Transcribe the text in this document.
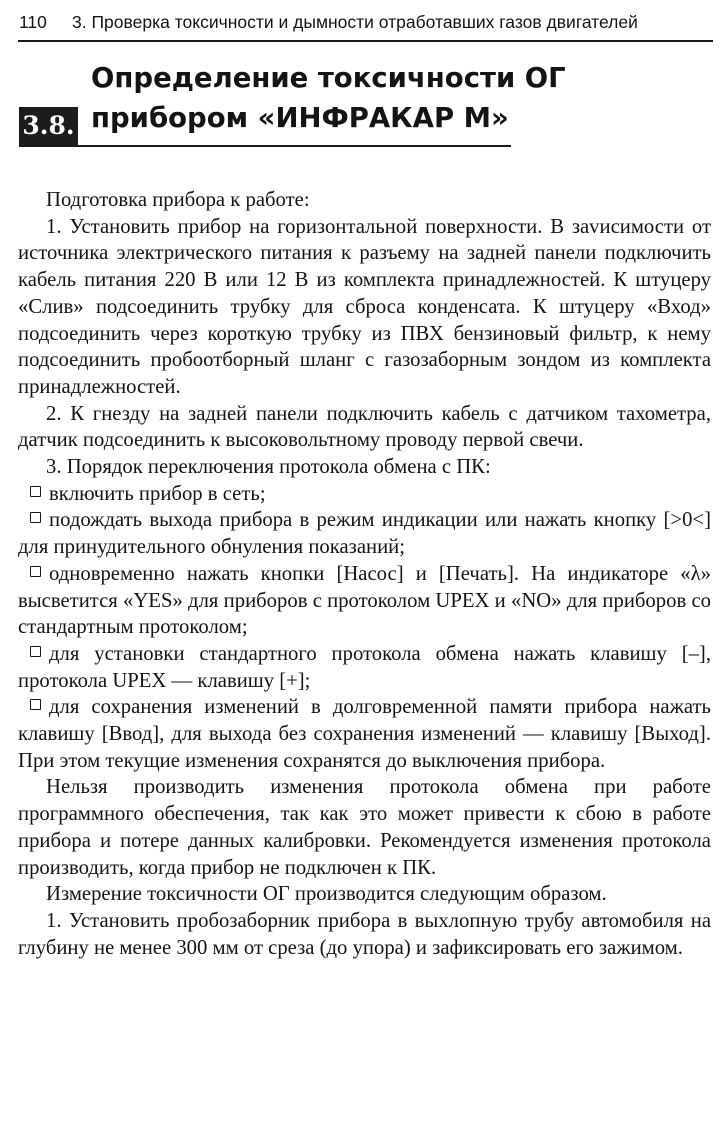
110 3. Проверка токсичности и дымности отработавших газов двигателей
3.8.
Определение токсичности ОГ
прибором «ИНФРАКАР М»

Подготовка прибора к работе:

1. Установить прибор на горизонтальной поверхности. В заvисимости от источника электрического питания к разъему на задней панели подключить кабель питания 220 В или 12 В из комплекта принадлежностей. К штуцеру «Слив» подсоединить трубку для сброса конденсата. К штуцеру «Вход» подсоединить через короткую трубку из ПВХ бензиновый фильтр, к нему подсоединить пробоотборный шланг с газозаборным зондом из комплекта принадлежностей.

2. К гнезду на задней панели подключить кабель с датчиком тахометра, датчик подсоединить к высоковольтному проводу первой свечи.

3. Порядок переключения протокола обмена с ПК:

включить прибор в сеть;

подождать выхода прибора в режим индикации или нажать кнопку [>0<] для принудительного обнуления показаний;

одновременно нажать кнопки [Насос] и [Печать]. На индикаторе «λ» высветится «YES» для приборов с протоколом UPEX и «NO» для приборов со стандартным протоколом;

для установки стандартного протокола обмена нажать клавишу [–], протокола UPEX — клавишу [+];

для сохранения изменений в долговременной памяти прибора нажать клавишу [Ввод], для выхода без сохранения изменений — клавишу [Выход]. При этом текущие изменения сохранятся до выключения прибора.

Нельзя производить изменения протокола обмена при работе программного обеспечения, так как это может привести к сбою в работе прибора и потере данных калибровки. Рекомендуется изменения протокола производить, когда прибор не подключен к ПК.

Измерение токсичности ОГ производится следующим образом.

1. Установить пробозаборник прибора в выхлопную трубу автомобиля на глубину не менее 300 мм от среза (до упора) и зафиксировать его зажимом.
